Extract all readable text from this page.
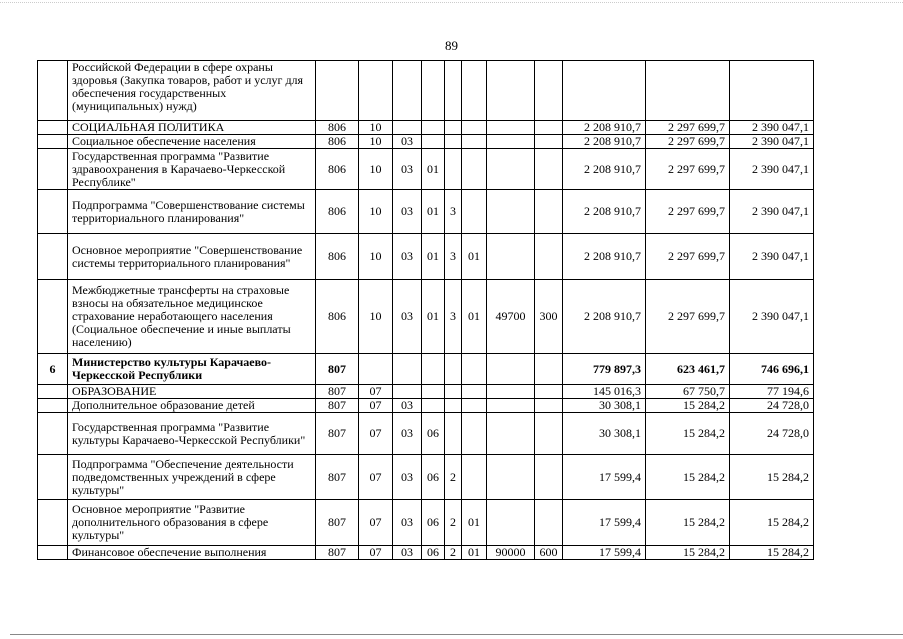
89
	Российской Федерации в сфере охраны здоровья (Закупка товаров, работ и услуг для обеспечения государственных (муниципальных) нужд)											
	СОЦИАЛЬНАЯ ПОЛИТИКА	806	10							2 208 910,7	2 297 699,7	2 390 047,1
	Социальное обеспечение населения	806	10	03						2 208 910,7	2 297 699,7	2 390 047,1
	Государственная программа "Развитие здравоохранения в Карачаево-Черкесской Республике"	806	10	03	01					2 208 910,7	2 297 699,7	2 390 047,1
	Подпрограмма "Совершенствование системы территориального планирования"	806	10	03	01	3				2 208 910,7	2 297 699,7	2 390 047,1
	Основное мероприятие "Совершенствование системы территориального планирования"	806	10	03	01	3	01			2 208 910,7	2 297 699,7	2 390 047,1
	Межбюджетные трансферты на страховые взносы на обязательное медицинское страхование неработающего населения (Социальное обеспечение и иные выплаты населению)	806	10	03	01	3	01	49700	300	2 208 910,7	2 297 699,7	2 390 047,1
6	Министерство культуры Карачаево-Черкесской Республики	807								779 897,3	623 461,7	746 696,1
	ОБРАЗОВАНИЕ	807	07							145 016,3	67 750,7	77 194,6
	Дополнительное образование детей	807	07	03						30 308,1	15 284,2	24 728,0
	Государственная программа "Развитие культуры Карачаево-Черкесской Республики"	807	07	03	06					30 308,1	15 284,2	24 728,0
	Подпрограмма "Обеспечение деятельности подведомственных учреждений в сфере культуры"	807	07	03	06	2				17 599,4	15 284,2	15 284,2
	Основное мероприятие "Развитие дополнительного образования в сфере культуры"	807	07	03	06	2	01			17 599,4	15 284,2	15 284,2
	Финансовое обеспечение выполнения	807	07	03	06	2	01	90000	600	17 599,4	15 284,2	15 284,2
